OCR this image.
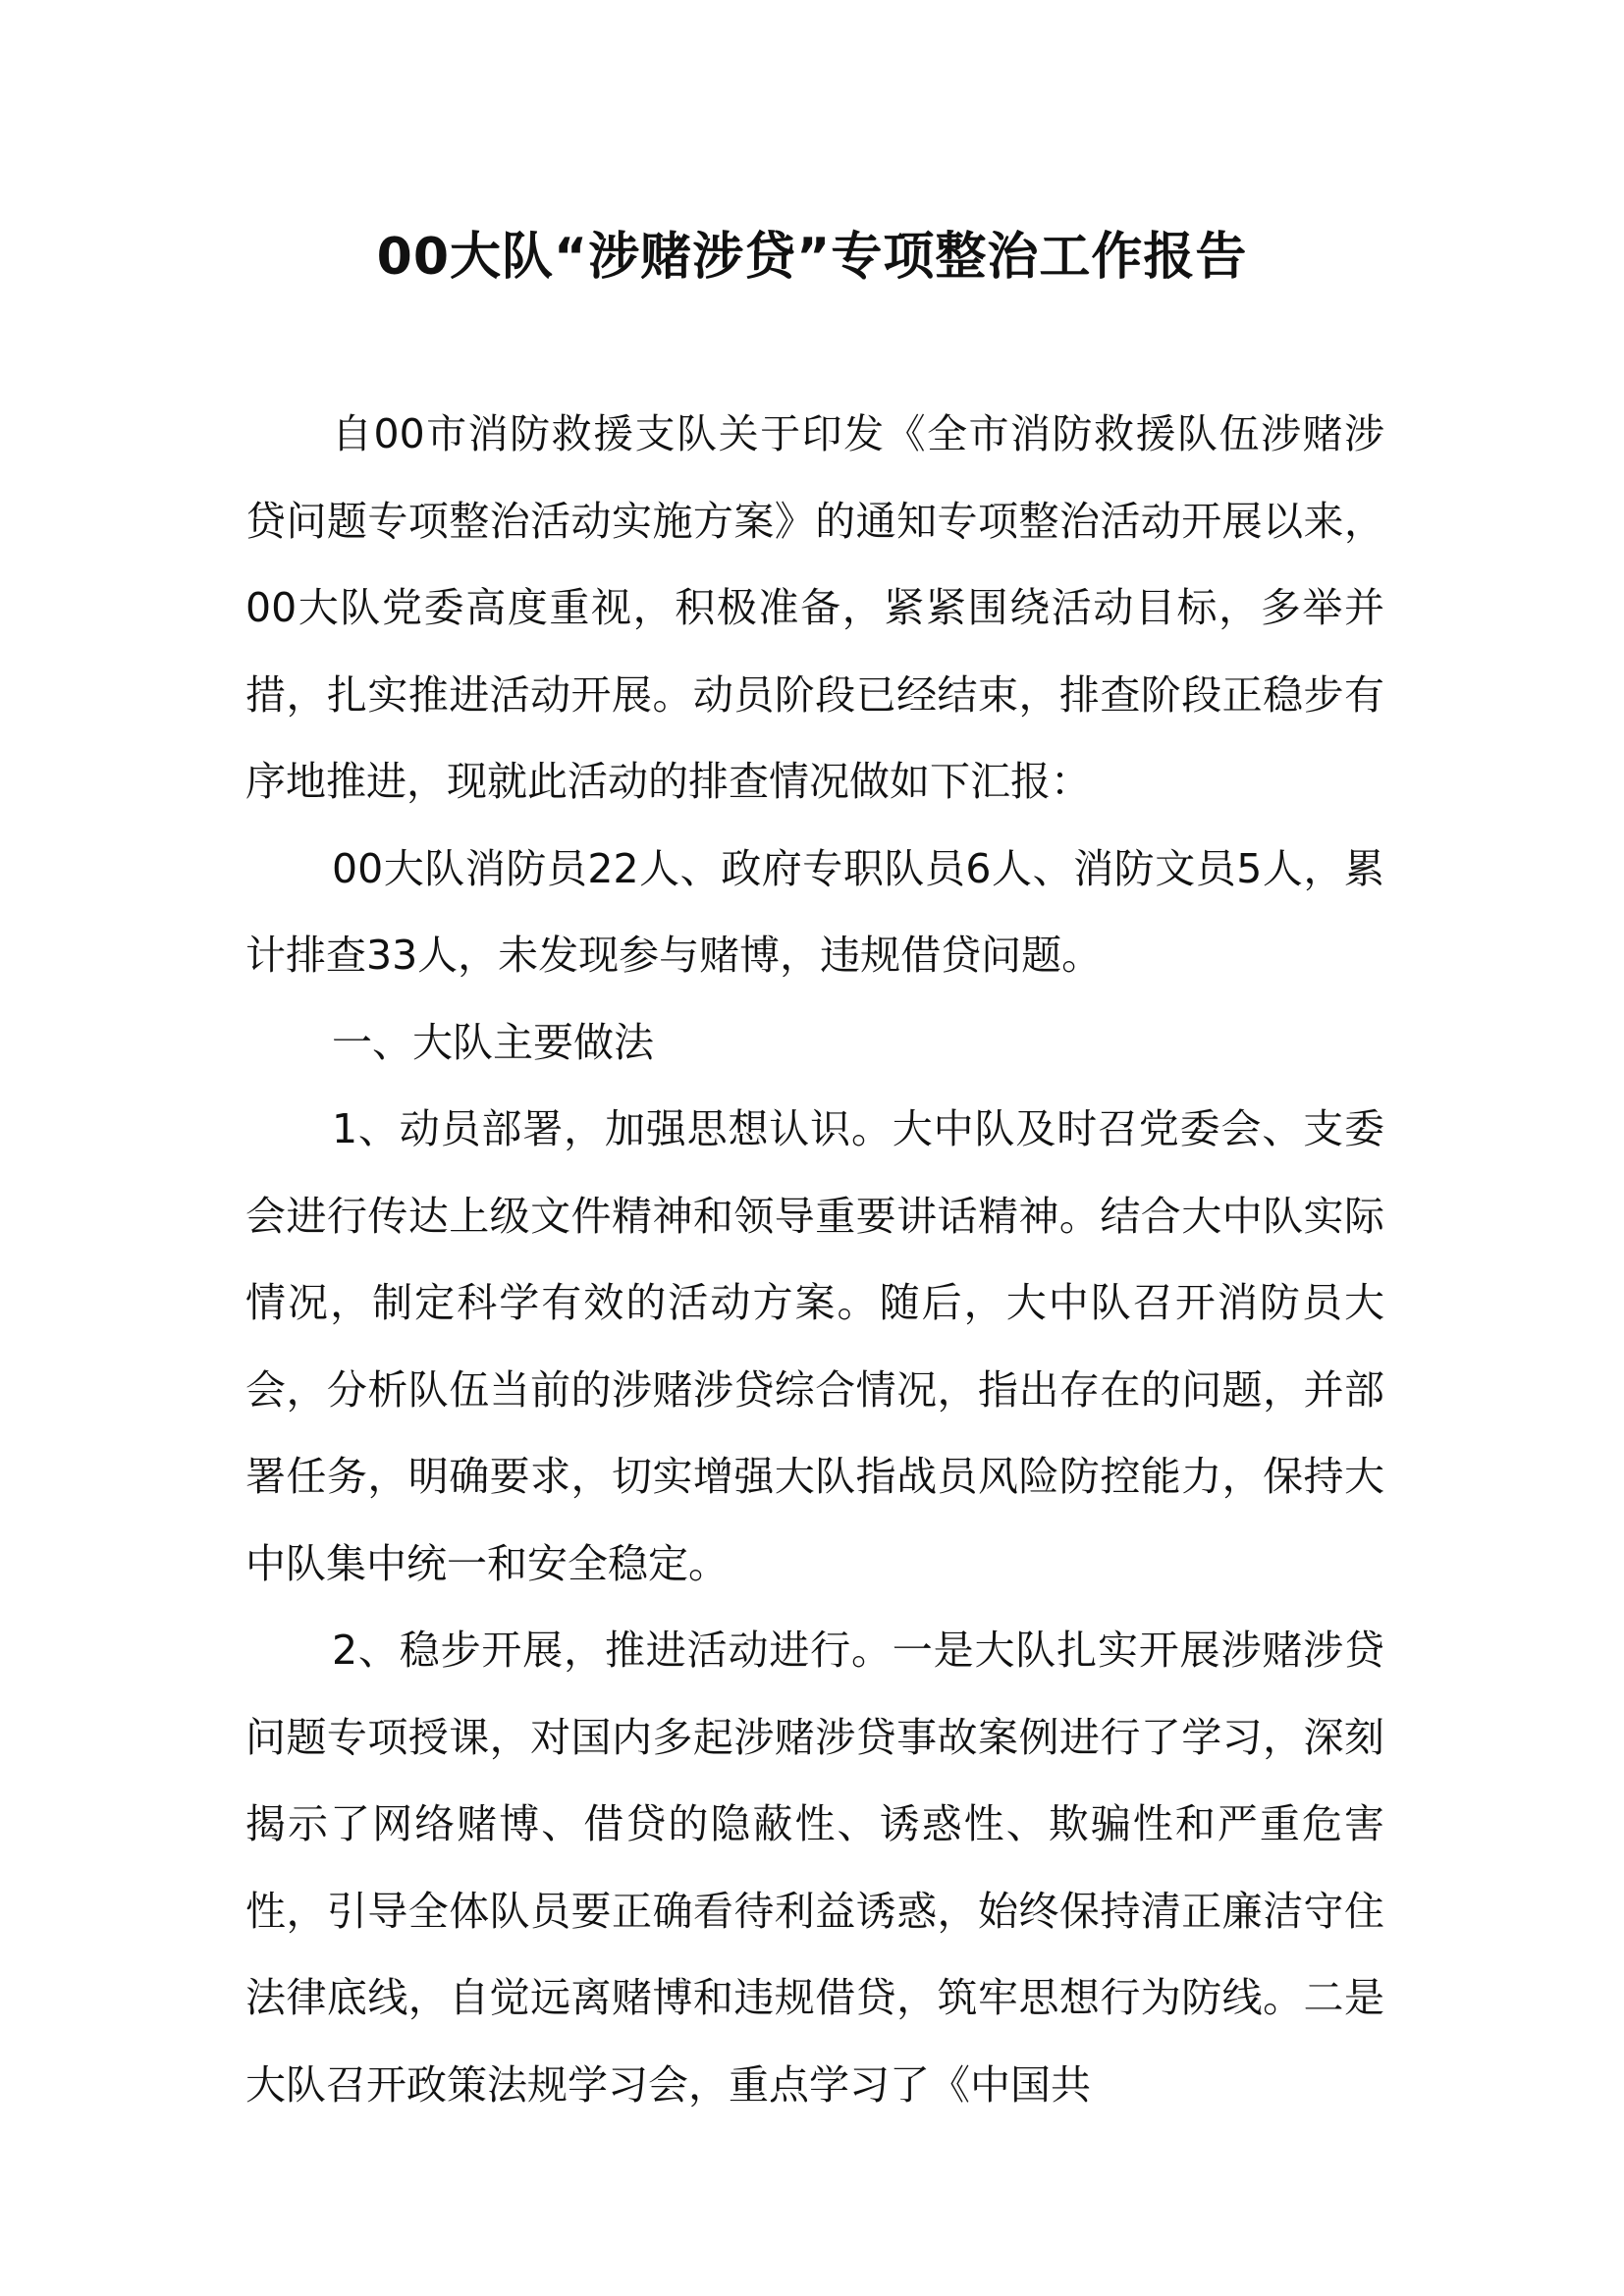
00大队“涉赌涉贷”专项整治工作报告

自00市消防救援支队关于印发《全市消防救援队伍涉赌涉贷问题专项整治活动实施方案》的通知专项整治活动开展以来，00大队党委高度重视，积极准备，紧紧围绕活动目标，多举并措，扎实推进活动开展。动员阶段已经结束，排查阶段正稳步有序地推进，现就此活动的排查情况做如下汇报：

00大队消防员22人、政府专职队员6人、消防文员5人，累计排查33人，未发现参与赌博，违规借贷问题。

一、大队主要做法

1、动员部署，加强思想认识。大中队及时召党委会、支委会进行传达上级文件精神和领导重要讲话精神。结合大中队实际情况，制定科学有效的活动方案。随后，大中队召开消防员大会，分析队伍当前的涉赌涉贷综合情况，指出存在的问题，并部署任务，明确要求，切实增强大队指战员风险防控能力，保持大中队集中统一和安全稳定。

2、稳步开展，推进活动进行。一是大队扎实开展涉赌涉贷问题专项授课，对国内多起涉赌涉贷事故案例进行了学习，深刻揭示了网络赌博、借贷的隐蔽性、诱惑性、欺骗性和严重危害性，引导全体队员要正确看待利益诱惑，始终保持清正廉洁守住法律底线，自觉远离赌博和违规借贷，筑牢思想行为防线。二是大队召开政策法规学习会，重点学习了《中国共
